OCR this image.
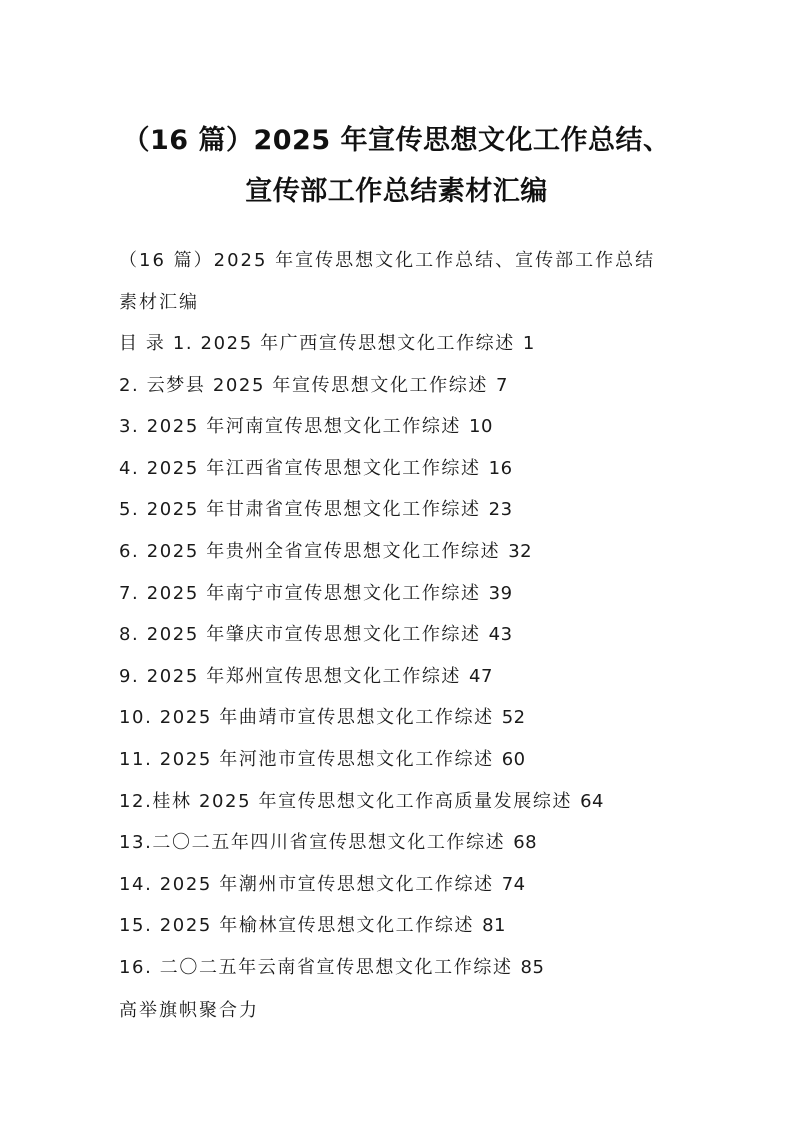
（16 篇）2025 年宣传思想文化工作总结、
宣传部工作总结素材汇编
（16 篇）2025 年宣传思想文化工作总结、宣传部工作总结
素材汇编
目 录 1. 2025 年广西宣传思想文化工作综述 1
2. 云梦县 2025 年宣传思想文化工作综述 7
3. 2025 年河南宣传思想文化工作综述 10
4. 2025 年江西省宣传思想文化工作综述 16
5. 2025 年甘肃省宣传思想文化工作综述 23
6. 2025 年贵州全省宣传思想文化工作综述 32
7. 2025 年南宁市宣传思想文化工作综述 39
8. 2025 年肇庆市宣传思想文化工作综述 43
9. 2025 年郑州宣传思想文化工作综述 47
10. 2025 年曲靖市宣传思想文化工作综述 52
11. 2025 年河池市宣传思想文化工作综述 60
12.桂林 2025 年宣传思想文化工作高质量发展综述 64
13.二〇二五年四川省宣传思想文化工作综述 68
14. 2025 年潮州市宣传思想文化工作综述 74
15. 2025 年榆林宣传思想文化工作综述 81
16. 二〇二五年云南省宣传思想文化工作综述 85
高举旗帜聚合力
